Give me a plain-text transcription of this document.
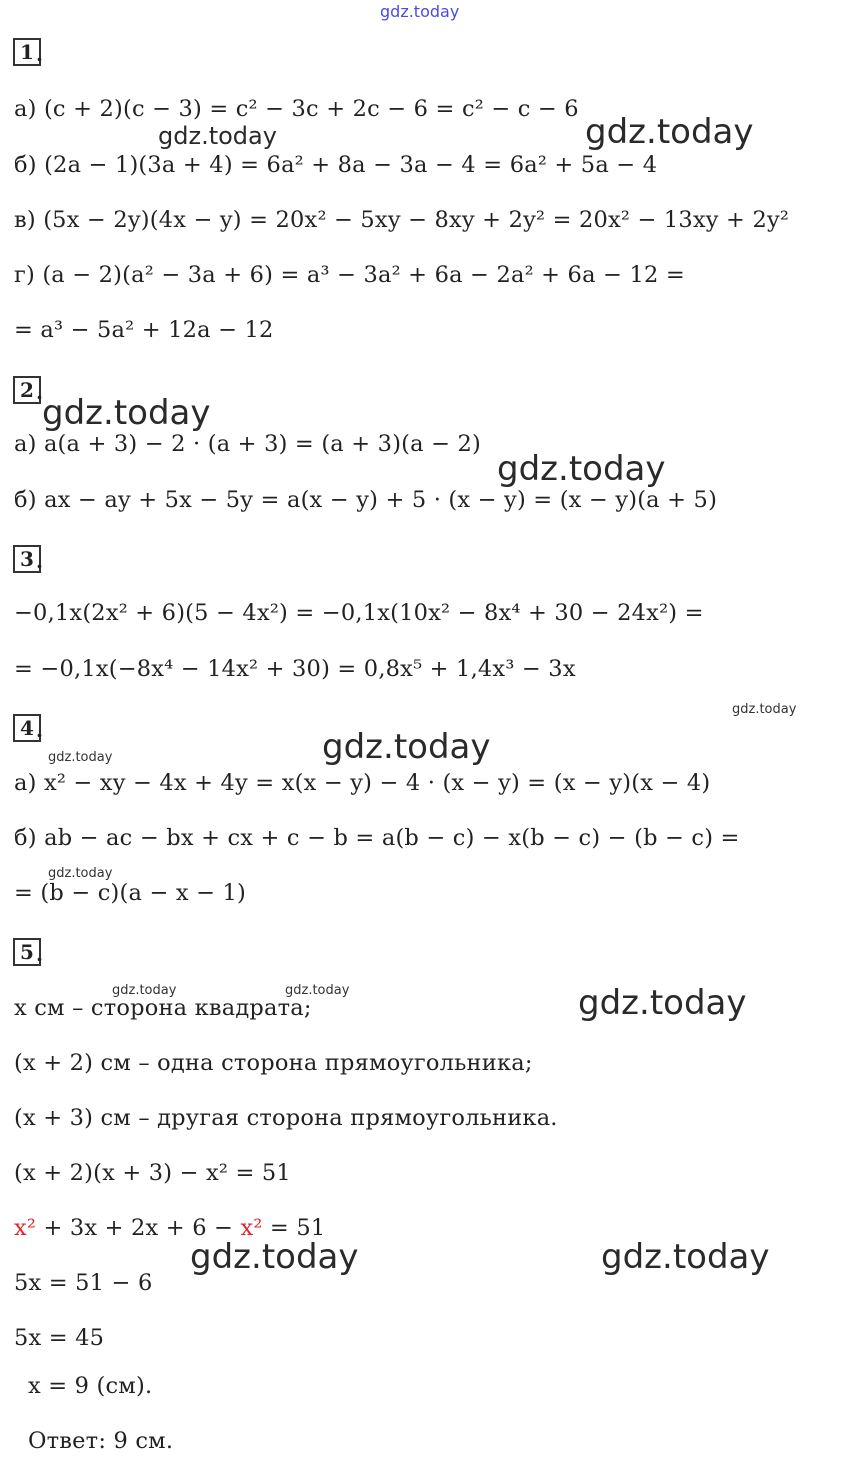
gdz.today
1 .
а) (c + 2)(c − 3) = c² − 3c + 2c − 6 = c² − c − 6
б) (2a − 1)(3a + 4) = 6a² + 8a − 3a − 4 = 6a² + 5a − 4
в) (5x − 2y)(4x − y) = 20x² − 5xy − 8xy + 2y² = 20x² − 13xy + 2y²
г) (a − 2)(a² − 3a + 6) = a³ − 3a² + 6a − 2a² + 6a − 12 =
= a³ − 5a² + 12a − 12
2 .
а) a(a + 3) − 2 · (a + 3) = (a + 3)(a − 2)
б) ax − ay + 5x − 5y = a(x − y) + 5 · (x − y) = (x − y)(a + 5)
3 .
−0,1x(2x² + 6)(5 − 4x²) = −0,1x(10x² − 8x⁴ + 30 − 24x²) =
= −0,1x(−8x⁴ − 14x² + 30) = 0,8x⁵ + 1,4x³ − 3x
4 .
а) x² − xy − 4x + 4y = x(x − y) − 4 · (x − y) = (x − y)(x − 4)
б) ab − ac − bx + cx + c − b = a(b − c) − x(b − c) − (b − c) =
= (b − c)(a − x − 1)
5 .
x см – сторона квадрата;
(x + 2) см – одна сторона прямоугольника;
(x + 3) см – другая сторона прямоугольника.
(x + 2)(x + 3) − x² = 51
x² + 3x + 2x + 6 − x² = 51
5x = 51 − 6
5x = 45
x = 9 (см).
Ответ: 9 см.
gdz.today	gdz.today
gdz.today
gdz.today
gdz.today
gdz.today	gdz.today
gdz.today
gdz.today	gdz.today	gdz.today
gdz.today	gdz.today
